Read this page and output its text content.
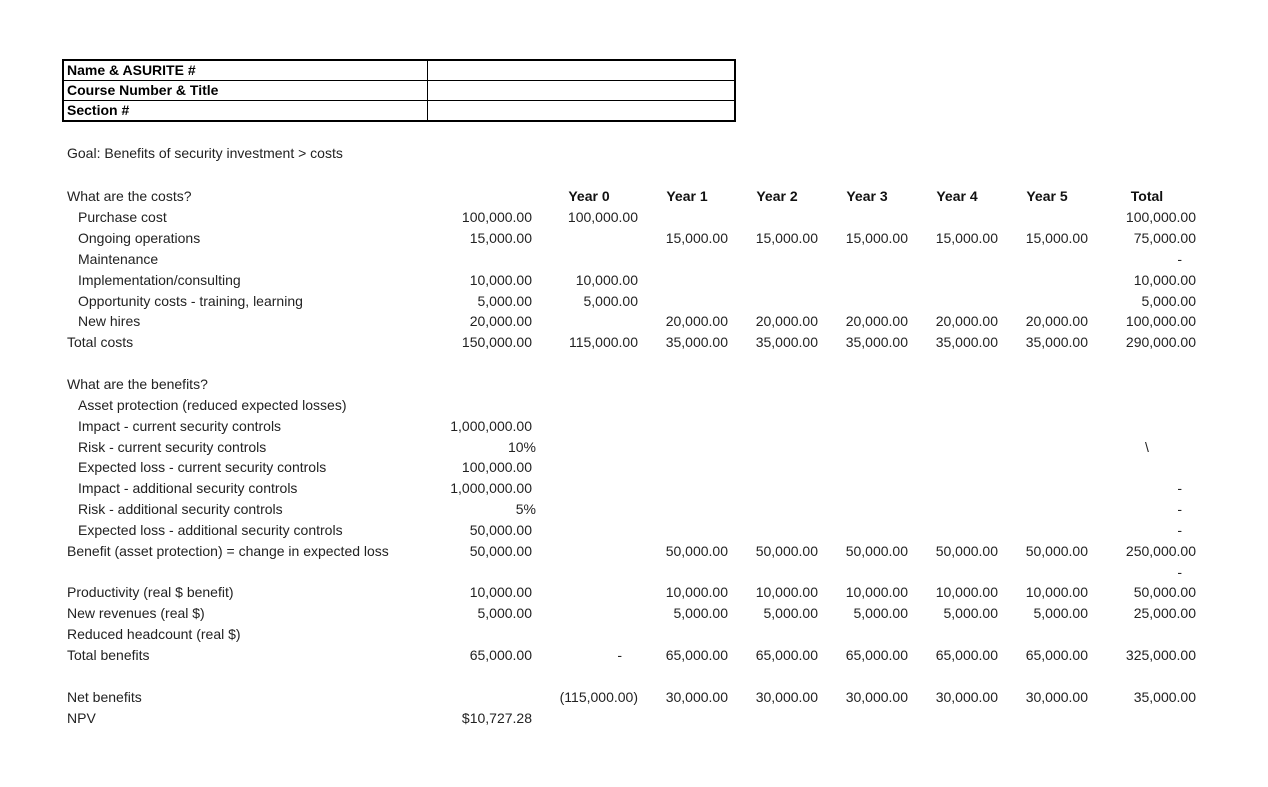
Name & ASURITE #	
Course Number & Title	
Section #	
Goal: Benefits of security investment > costs
What are the costs?		Year 0	Year 1	Year 2	Year 3	Year 4	Year 5	Total	
Purchase cost	100,000.00	100,000.00						100,000.00	
Ongoing operations	15,000.00		15,000.00	15,000.00	15,000.00	15,000.00	15,000.00	75,000.00	
Maintenance								-	
Implementation/consulting	10,000.00	10,000.00						10,000.00	
Opportunity costs - training, learning	5,000.00	5,000.00						5,000.00	
New hires	20,000.00		20,000.00	20,000.00	20,000.00	20,000.00	20,000.00	100,000.00	
Total costs	150,000.00	115,000.00	35,000.00	35,000.00	35,000.00	35,000.00	35,000.00	290,000.00	

What are the benefits?									
Asset protection (reduced expected losses)									
Impact - current security controls	1,000,000.00								
Risk - current security controls	10%							\	
Expected loss - current security controls	100,000.00								
Impact - additional security controls	1,000,000.00							-	
Risk - additional security controls	5%							-	
Expected loss - additional security controls	50,000.00							-	
Benefit (asset protection) = change in expected loss	50,000.00		50,000.00	50,000.00	50,000.00	50,000.00	50,000.00	250,000.00	
								-	
Productivity (real $ benefit)	10,000.00		10,000.00	10,000.00	10,000.00	10,000.00	10,000.00	50,000.00	
New revenues (real $)	5,000.00		5,000.00	5,000.00	5,000.00	5,000.00	5,000.00	25,000.00	
Reduced headcount (real $)									
Total benefits	65,000.00	-	65,000.00	65,000.00	65,000.00	65,000.00	65,000.00	325,000.00	

Net benefits		(115,000.00)	30,000.00	30,000.00	30,000.00	30,000.00	30,000.00	35,000.00	
NPV	$10,727.28								
